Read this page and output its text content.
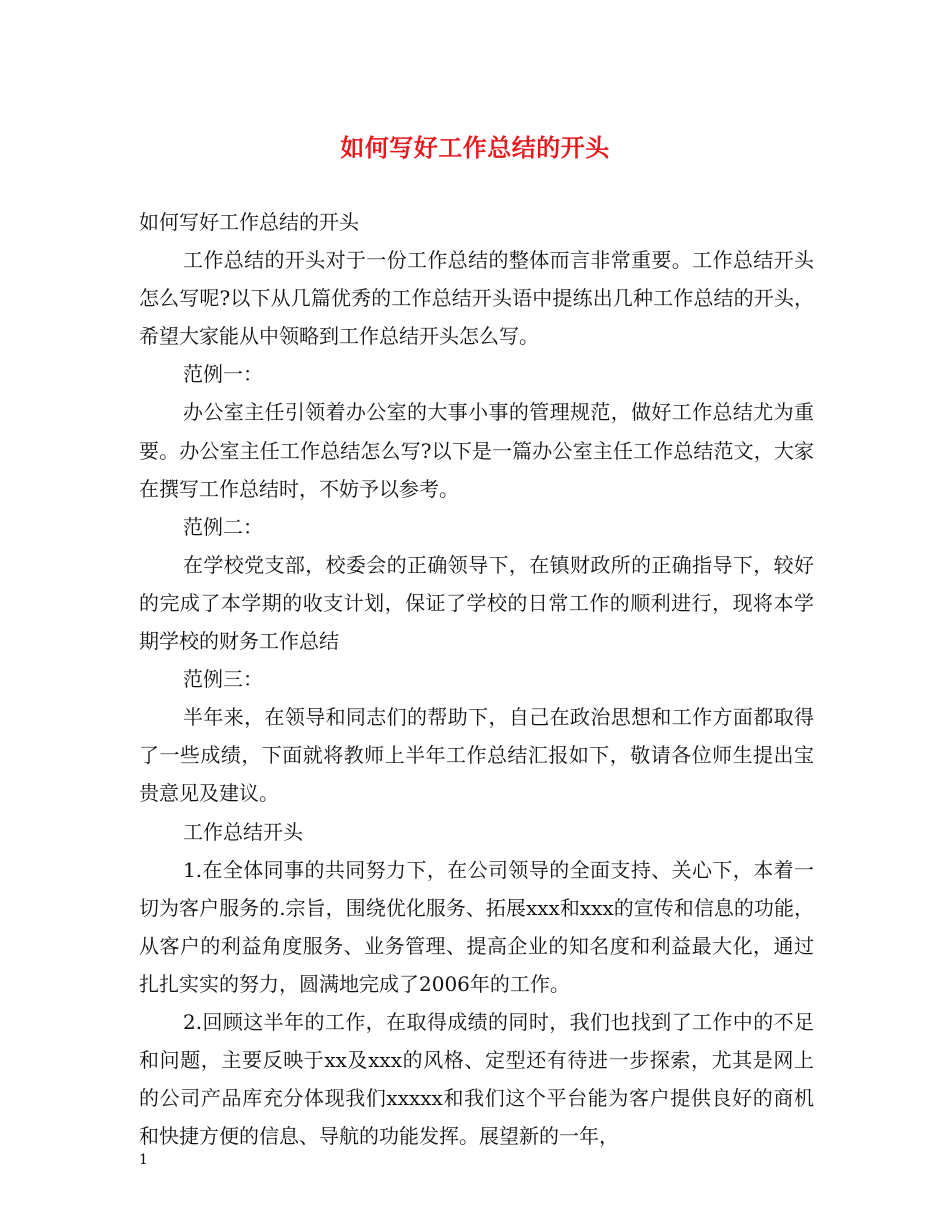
如何写好工作总结的开头

如何写好工作总结的开头

工作总结的开头对于一份工作总结的整体而言非常重要。工作总结开头怎么写呢?以下从几篇优秀的工作总结开头语中提练出几种工作总结的开头，希望大家能从中领略到工作总结开头怎么写。

范例一：

办公室主任引领着办公室的大事小事的管理规范，做好工作总结尤为重要。办公室主任工作总结怎么写?以下是一篇办公室主任工作总结范文，大家在撰写工作总结时，不妨予以参考。

范例二：

在学校党支部，校委会的正确领导下，在镇财政所的正确指导下，较好的完成了本学期的收支计划，保证了学校的日常工作的顺利进行，现将本学期学校的财务工作总结

范例三：

半年来，在领导和同志们的帮助下，自己在政治思想和工作方面都取得了一些成绩，下面就将教师上半年工作总结汇报如下，敬请各位师生提出宝贵意见及建议。

工作总结开头

1.在全体同事的共同努力下，在公司领导的全面支持、关心下，本着一切为客户服务的.宗旨，围绕优化服务、拓展xxx和xxx的宣传和信息的功能，从客户的利益角度服务、业务管理、提高企业的知名度和利益最大化，通过扎扎实实的努力，圆满地完成了2006年的工作。

2.回顾这半年的工作，在取得成绩的同时，我们也找到了工作中的不足和问题，主要反映于xx及xxx的风格、定型还有待进一步探索，尤其是网上的公司产品库充分体现我们xxxxx和我们这个平台能为客户提供良好的商机和快捷方便的信息、导航的功能发挥。展望新的一年，

1
